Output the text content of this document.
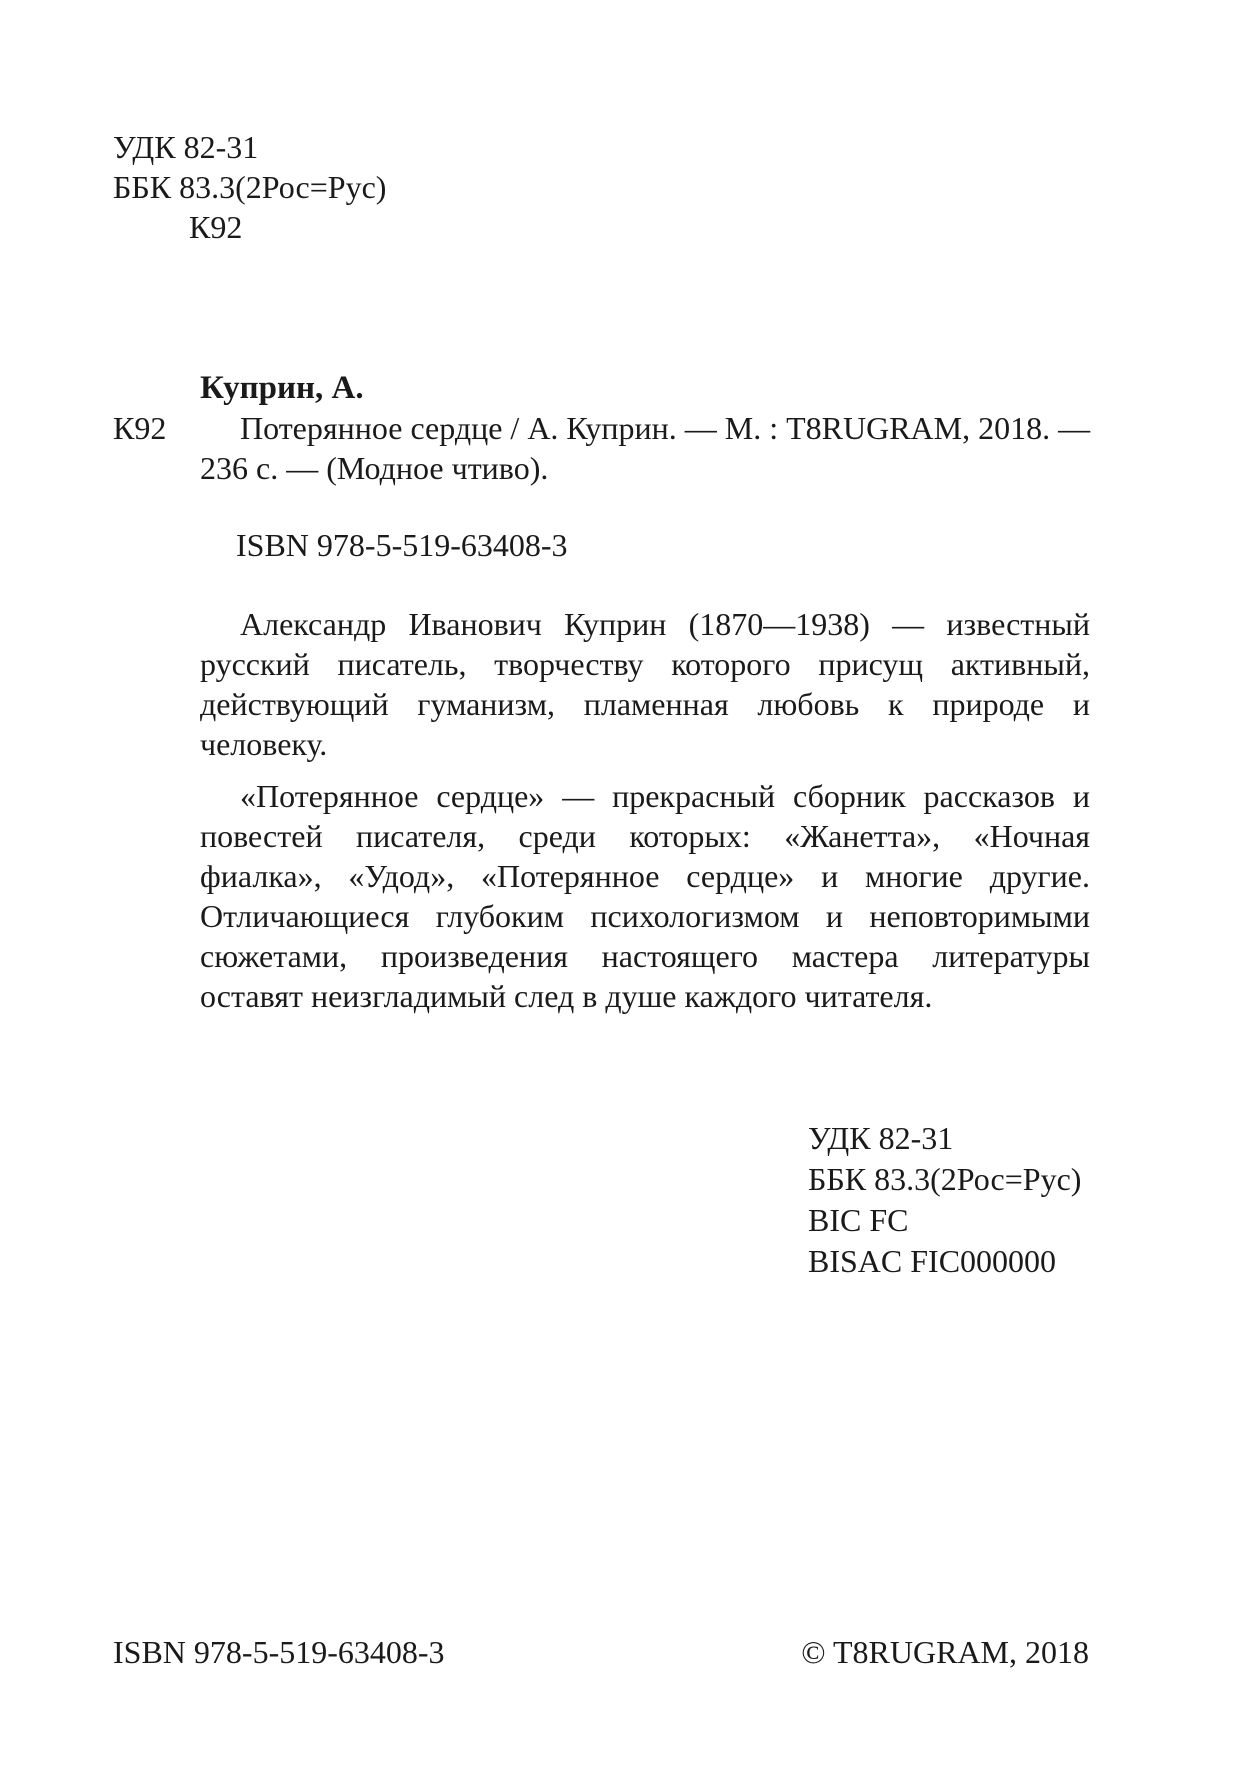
УДК 82-31
ББК 83.3(2Рос=Рус)
К92
Куприн, А.
К92	Потерянное сердце / А. Куприн. — М. : T8RUGRAM, 2018. —
236 с. — (Модное чтиво).
ISBN 978-5-519-63408-3

Александр Иванович Куприн (1870—1938) — известный русский писатель, творчеству которого присущ активный, действующий гуманизм, пламенная любовь к природе и человеку.

«Потерянное сердце» — прекрасный сборник рассказов и повестей писателя, среди которых: «Жанетта», «Ночная фиалка», «Удод», «Потерянное сердце» и многие другие. Отличающиеся глубоким психологизмом и неповторимыми сюжетами, произведения настоящего мастера литературы оставят неизгладимый след в душе каждого читателя.

УДК 82-31
ББК 83.3(2Рос=Рус)
BIC FC
BISAC FIC000000
ISBN 978-5-519-63408-3	© T8RUGRAM, 2018
